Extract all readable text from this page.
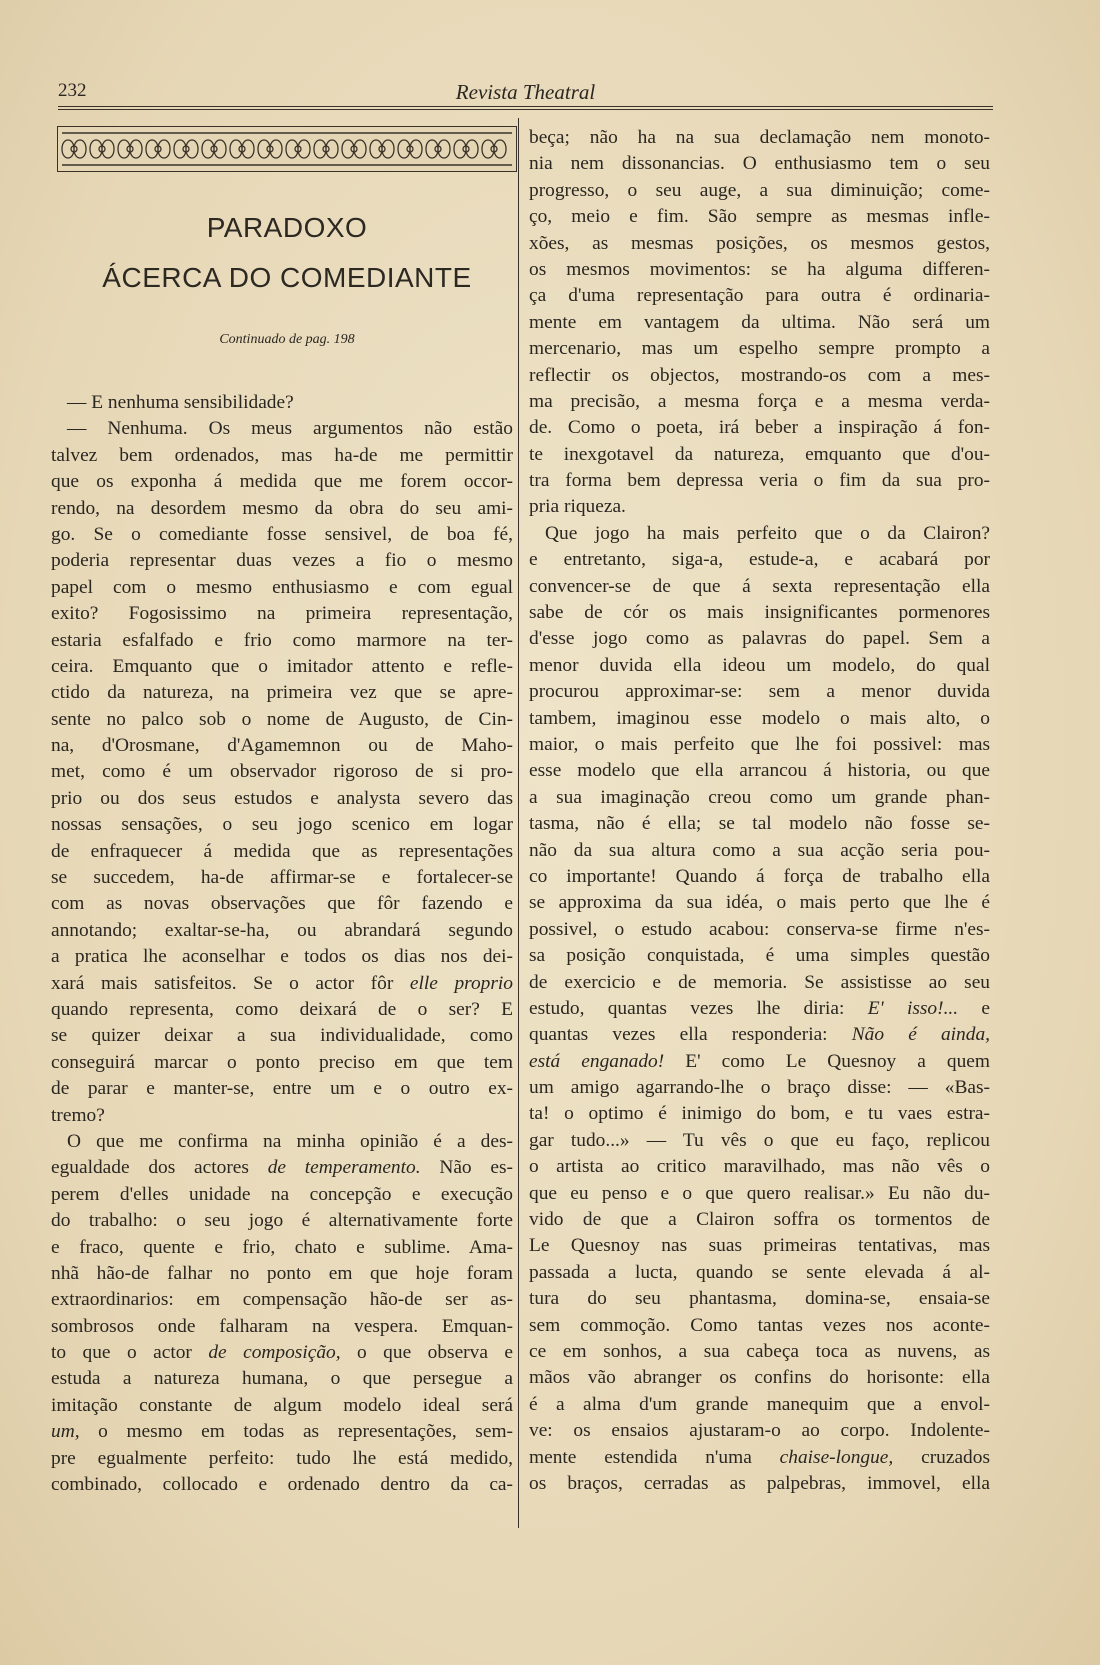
232	Revista Theatral
PARADOXO
ÁCERCA DO COMEDIANTE
Continuado de pag. 198
— E nenhuma sensibilidade?
— Nenhuma. Os meus argumentos não estão
talvez bem ordenados, mas ha-de me permittir
que os exponha á medida que me forem occor-
rendo, na desordem mesmo da obra do seu ami-
go. Se o comediante fosse sensivel, de boa fé,
poderia representar duas vezes a fio o mesmo
papel com o mesmo enthusiasmo e com egual
exito? Fogosissimo na primeira representação,
estaria esfalfado e frio como marmore na ter-
ceira. Emquanto que o imitador attento e refle-
ctido da natureza, na primeira vez que se apre-
sente no palco sob o nome de Augusto, de Cin-
na, d'Orosmane, d'Agamemnon ou de Maho-
met, como é um observador rigoroso de si pro-
prio ou dos seus estudos e analysta severo das
nossas sensações, o seu jogo scenico em logar
de enfraquecer á medida que as representações
se succedem, ha-de affirmar-se e fortalecer-se
com as novas observações que fôr fazendo e
annotando; exaltar-se-ha, ou abrandará segundo
a pratica lhe aconselhar e todos os dias nos dei-
xará mais satisfeitos. Se o actor fôr elle proprio
quando representa, como deixará de o ser? E
se quizer deixar a sua individualidade, como
conseguirá marcar o ponto preciso em que tem
de parar e manter-se, entre um e o outro ex-
tremo?
O que me confirma na minha opinião é a des-
egualdade dos actores de temperamento. Não es-
perem d'elles unidade na concepção e execução
do trabalho: o seu jogo é alternativamente forte
e fraco, quente e frio, chato e sublime. Ama-
nhã hão-de falhar no ponto em que hoje foram
extraordinarios: em compensação hão-de ser as-
sombrosos onde falharam na vespera. Emquan-
to que o actor de composição, o que observa e
estuda a natureza humana, o que persegue a
imitação constante de algum modelo ideal será
um, o mesmo em todas as representações, sem-
pre egualmente perfeito: tudo lhe está medido,
combinado, collocado e ordenado dentro da ca-
beça; não ha na sua declamação nem monoto-
nia nem dissonancias. O enthusiasmo tem o seu
progresso, o seu auge, a sua diminuição; come-
ço, meio e fim. São sempre as mesmas infle-
xões, as mesmas posições, os mesmos gestos,
os mesmos movimentos: se ha alguma differen-
ça d'uma representação para outra é ordinaria-
mente em vantagem da ultima. Não será um
mercenario, mas um espelho sempre prompto a
reflectir os objectos, mostrando-os com a mes-
ma precisão, a mesma força e a mesma verda-
de. Como o poeta, irá beber a inspiração á fon-
te inexgotavel da natureza, emquanto que d'ou-
tra forma bem depressa veria o fim da sua pro-
pria riqueza.
Que jogo ha mais perfeito que o da Clairon?
e entretanto, siga-a, estude-a, e acabará por
convencer-se de que á sexta representação ella
sabe de cór os mais insignificantes pormenores
d'esse jogo como as palavras do papel. Sem a
menor duvida ella ideou um modelo, do qual
procurou approximar-se: sem a menor duvida
tambem, imaginou esse modelo o mais alto, o
maior, o mais perfeito que lhe foi possivel: mas
esse modelo que ella arrancou á historia, ou que
a sua imaginação creou como um grande phan-
tasma, não é ella; se tal modelo não fosse se-
não da sua altura como a sua acção seria pou-
co importante! Quando á força de trabalho ella
se approxima da sua idéa, o mais perto que lhe é
possivel, o estudo acabou: conserva-se firme n'es-
sa posição conquistada, é uma simples questão
de exercicio e de memoria. Se assistisse ao seu
estudo, quantas vezes lhe diria: E' isso!... e
quantas vezes ella responderia: Não é ainda,
está enganado! E' como Le Quesnoy a quem
um amigo agarrando-lhe o braço disse: — «Bas-
ta! o optimo é inimigo do bom, e tu vaes estra-
gar tudo...» — Tu vês o que eu faço, replicou
o artista ao critico maravilhado, mas não vês o
que eu penso e o que quero realisar.» Eu não du-
vido de que a Clairon soffra os tormentos de
Le Quesnoy nas suas primeiras tentativas, mas
passada a lucta, quando se sente elevada á al-
tura do seu phantasma, domina-se, ensaia-se
sem commoção. Como tantas vezes nos aconte-
ce em sonhos, a sua cabeça toca as nuvens, as
mãos vão abranger os confins do horisonte: ella
é a alma d'um grande manequim que a envol-
ve: os ensaios ajustaram-o ao corpo. Indolente-
mente estendida n'uma chaise-longue, cruzados
os braços, cerradas as palpebras, immovel, ella
